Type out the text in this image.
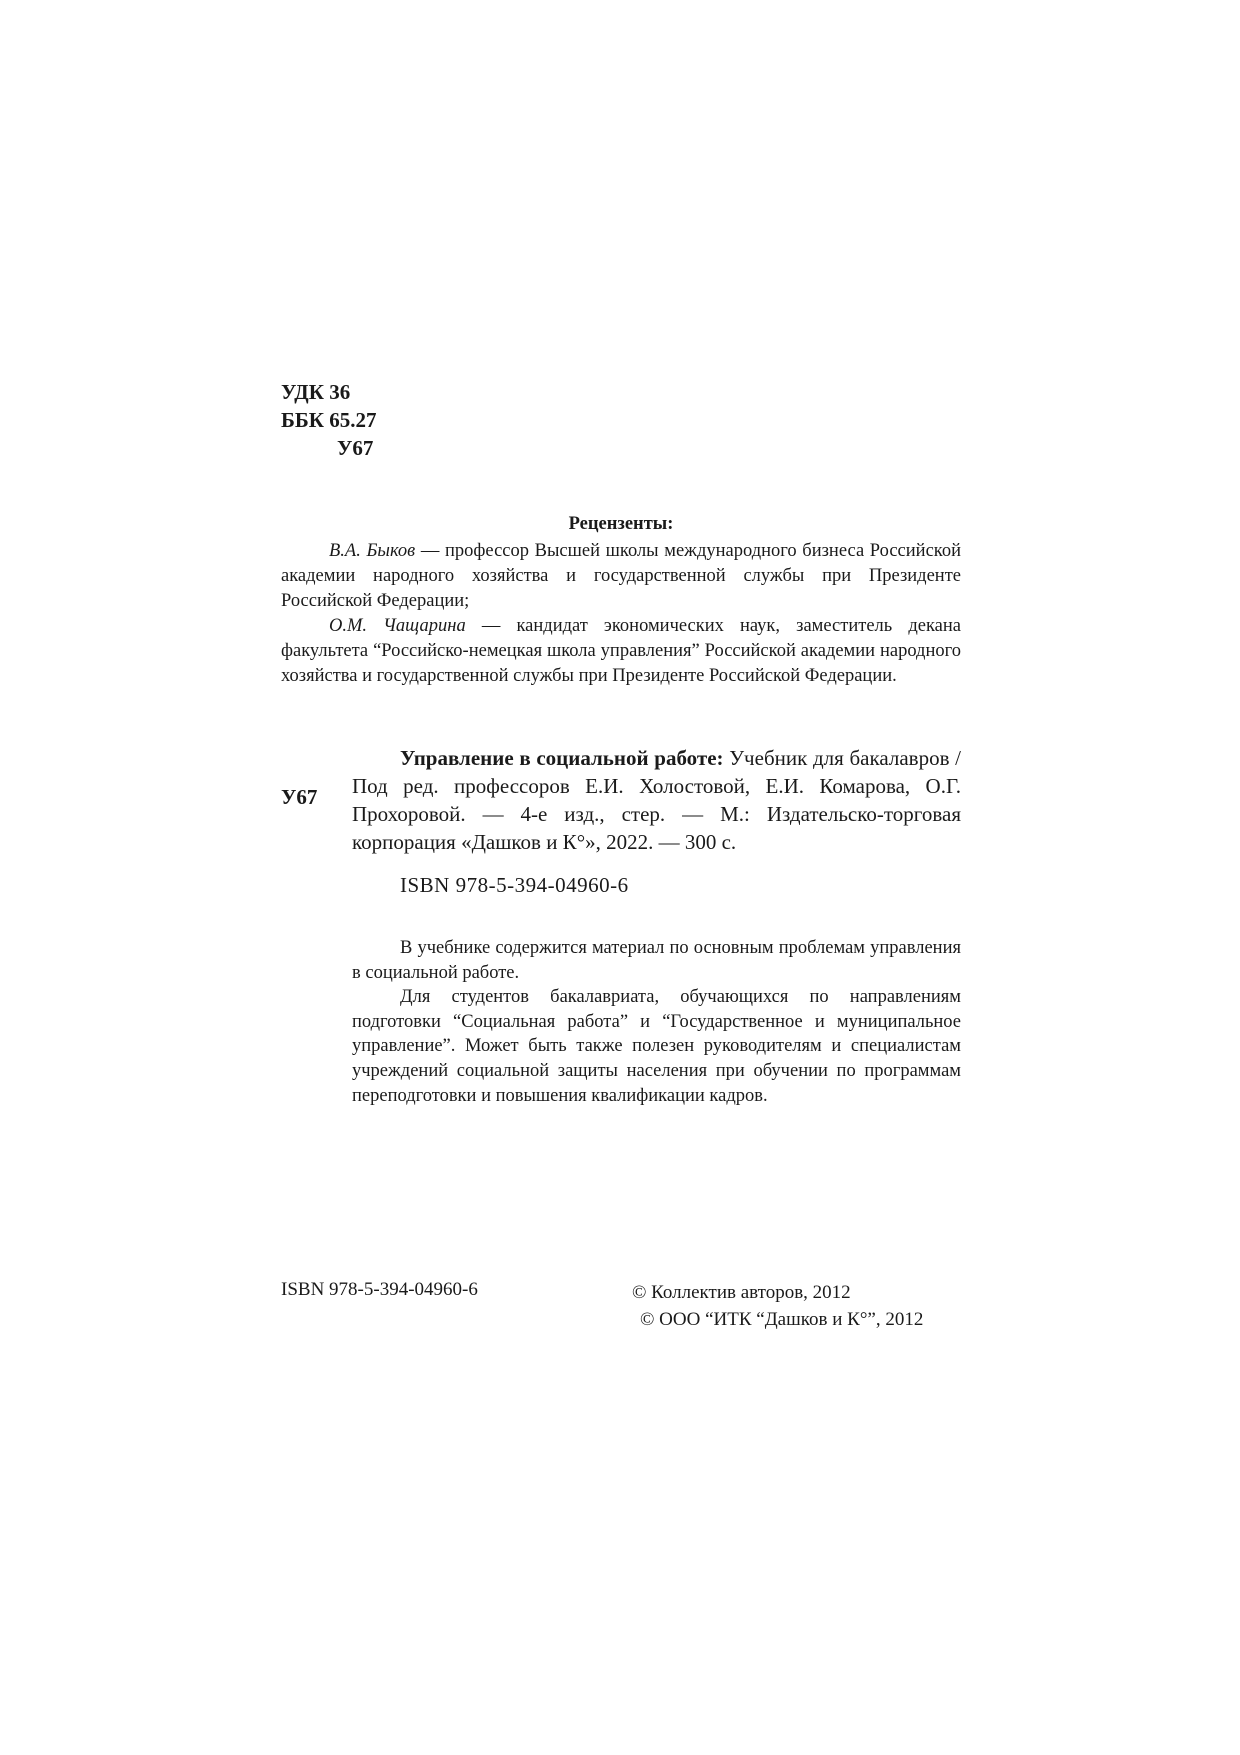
УДК 36
ББК 65.27
У67
Рецензенты:

В.А. Быков — профессор Высшей школы международного бизнеса Российской академии народного хозяйства и государственной службы при Президенте Российской Федерации;

О.М. Чащарина — кандидат экономических наук, заместитель декана факультета “Российско-немецкая школа управления” Российской академии народного хозяйства и государственной службы при Президенте Российской Федерации.

У67

Управление в социальной работе: Учебник для бакалавров / Под ред. профессоров Е.И. Холостовой, Е.И. Комарова, О.Г. Прохоровой. — 4-е изд., стер. — М.: Издательско-торговая корпорация «Дашков и К°», 2022. — 300 с.

ISBN 978-5-394-04960-6

В учебнике содержится материал по основным проблемам управления в социальной работе.

Для студентов бакалавриата, обучающихся по направлениям подготовки “Социальная работа” и “Государственное и муниципальное управление”. Может быть также полезен руководителям и специалистам учреждений социальной защиты населения при обучении по программам переподготовки и повышения квалификации кадров.

ISBN 978-5-394-04960-6	© Коллектив авторов, 2012
© ООО “ИТК “Дашков и К°”, 2012
